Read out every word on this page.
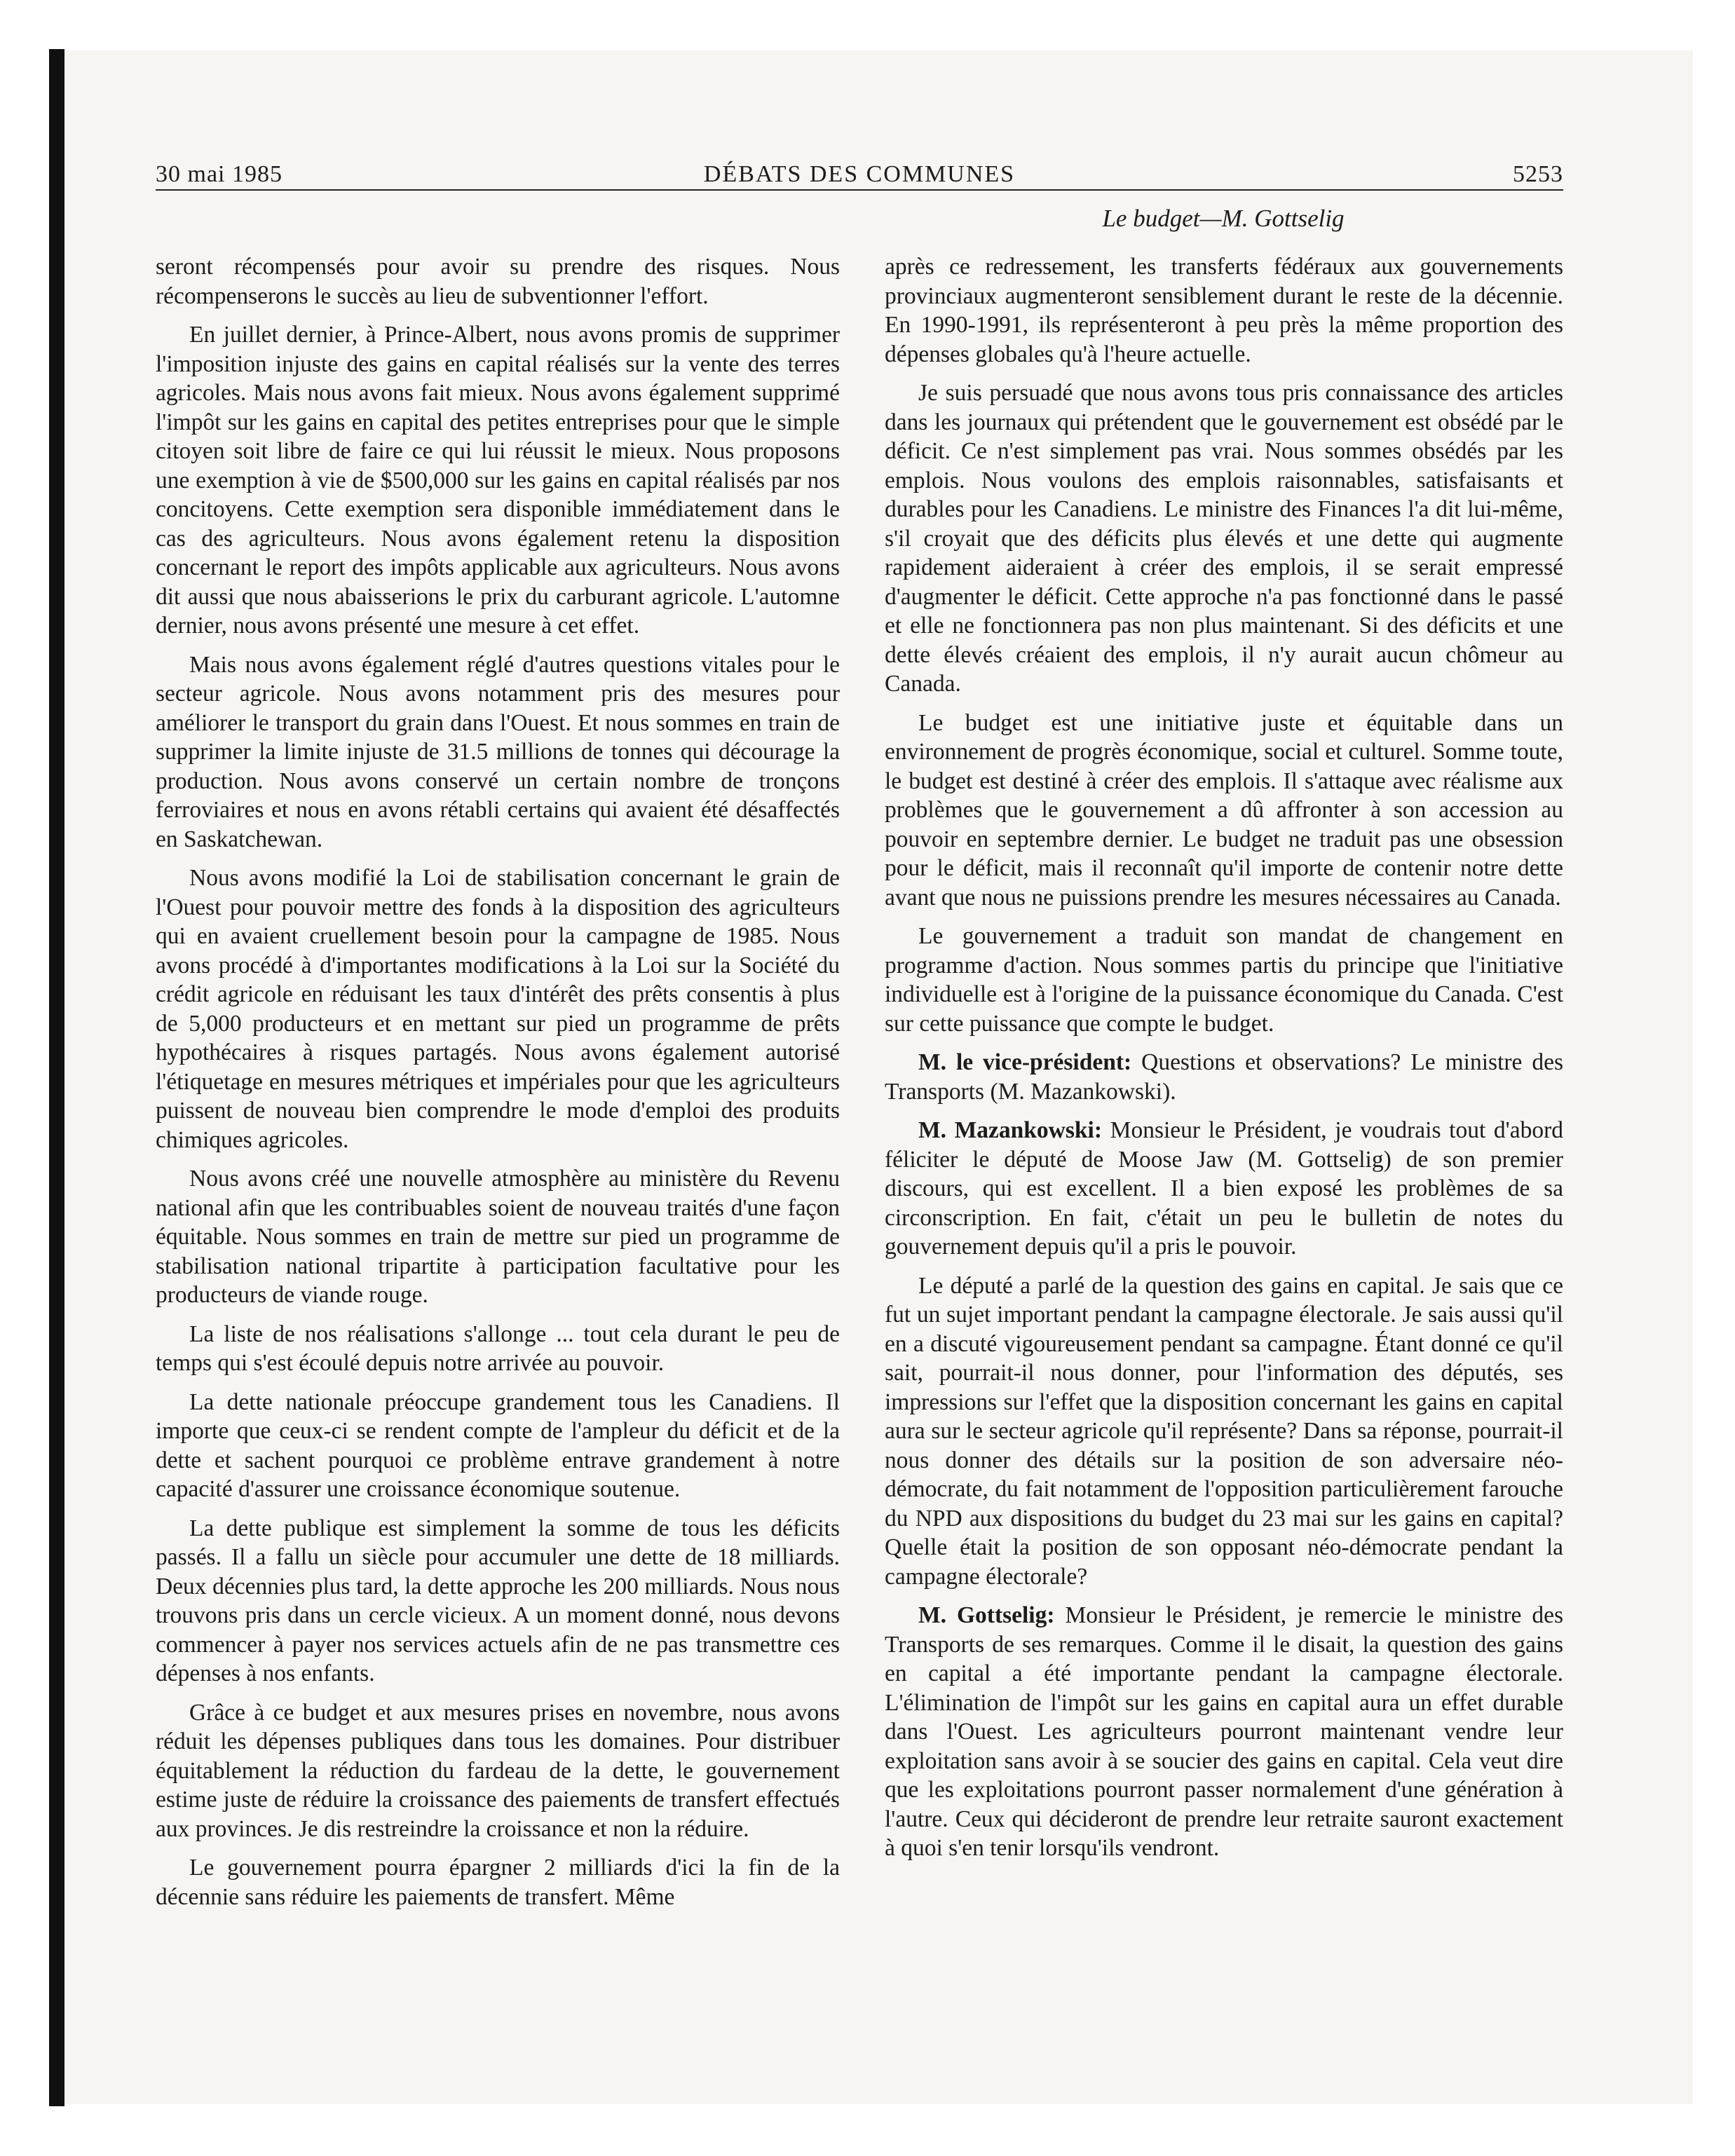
30 mai 1985	DÉBATS DES COMMUNES	5253
Le budget—M. Gottselig

seront récompensés pour avoir su prendre des risques. Nous récompenserons le succès au lieu de subventionner l'effort.

En juillet dernier, à Prince-Albert, nous avons promis de supprimer l'imposition injuste des gains en capital réalisés sur la vente des terres agricoles. Mais nous avons fait mieux. Nous avons également supprimé l'impôt sur les gains en capital des petites entreprises pour que le simple citoyen soit libre de faire ce qui lui réussit le mieux. Nous proposons une exemption à vie de $500,000 sur les gains en capital réalisés par nos concitoyens. Cette exemption sera disponible immédiatement dans le cas des agriculteurs. Nous avons également retenu la disposition concernant le report des impôts applicable aux agriculteurs. Nous avons dit aussi que nous abaisserions le prix du carburant agricole. L'automne dernier, nous avons présenté une mesure à cet effet.

Mais nous avons également réglé d'autres questions vitales pour le secteur agricole. Nous avons notamment pris des mesures pour améliorer le transport du grain dans l'Ouest. Et nous sommes en train de supprimer la limite injuste de 31.5 millions de tonnes qui décourage la production. Nous avons conservé un certain nombre de tronçons ferroviaires et nous en avons rétabli certains qui avaient été désaffectés en Saskatchewan.

Nous avons modifié la Loi de stabilisation concernant le grain de l'Ouest pour pouvoir mettre des fonds à la disposition des agriculteurs qui en avaient cruellement besoin pour la campagne de 1985. Nous avons procédé à d'importantes modifications à la Loi sur la Société du crédit agricole en réduisant les taux d'intérêt des prêts consentis à plus de 5,000 producteurs et en mettant sur pied un programme de prêts hypothécaires à risques partagés. Nous avons également autorisé l'étiquetage en mesures métriques et impériales pour que les agriculteurs puissent de nouveau bien comprendre le mode d'emploi des produits chimiques agricoles.

Nous avons créé une nouvelle atmosphère au ministère du Revenu national afin que les contribuables soient de nouveau traités d'une façon équitable. Nous sommes en train de mettre sur pied un programme de stabilisation national tripartite à participation facultative pour les producteurs de viande rouge.

La liste de nos réalisations s'allonge ... tout cela durant le peu de temps qui s'est écoulé depuis notre arrivée au pouvoir.

La dette nationale préoccupe grandement tous les Canadiens. Il importe que ceux-ci se rendent compte de l'ampleur du déficit et de la dette et sachent pourquoi ce problème entrave grandement à notre capacité d'assurer une croissance économique soutenue.

La dette publique est simplement la somme de tous les déficits passés. Il a fallu un siècle pour accumuler une dette de 18 milliards. Deux décennies plus tard, la dette approche les 200 milliards. Nous nous trouvons pris dans un cercle vicieux. A un moment donné, nous devons commencer à payer nos services actuels afin de ne pas transmettre ces dépenses à nos enfants.

Grâce à ce budget et aux mesures prises en novembre, nous avons réduit les dépenses publiques dans tous les domaines. Pour distribuer équitablement la réduction du fardeau de la dette, le gouvernement estime juste de réduire la croissance des paiements de transfert effectués aux provinces. Je dis restreindre la croissance et non la réduire.

Le gouvernement pourra épargner 2 milliards d'ici la fin de la décennie sans réduire les paiements de transfert. Même

après ce redressement, les transferts fédéraux aux gouvernements provinciaux augmenteront sensiblement durant le reste de la décennie. En 1990-1991, ils représenteront à peu près la même proportion des dépenses globales qu'à l'heure actuelle.

Je suis persuadé que nous avons tous pris connaissance des articles dans les journaux qui prétendent que le gouvernement est obsédé par le déficit. Ce n'est simplement pas vrai. Nous sommes obsédés par les emplois. Nous voulons des emplois raisonnables, satisfaisants et durables pour les Canadiens. Le ministre des Finances l'a dit lui-même, s'il croyait que des déficits plus élevés et une dette qui augmente rapidement aideraient à créer des emplois, il se serait empressé d'augmenter le déficit. Cette approche n'a pas fonctionné dans le passé et elle ne fonctionnera pas non plus maintenant. Si des déficits et une dette élevés créaient des emplois, il n'y aurait aucun chômeur au Canada.

Le budget est une initiative juste et équitable dans un environnement de progrès économique, social et culturel. Somme toute, le budget est destiné à créer des emplois. Il s'attaque avec réalisme aux problèmes que le gouvernement a dû affronter à son accession au pouvoir en septembre dernier. Le budget ne traduit pas une obsession pour le déficit, mais il reconnaît qu'il importe de contenir notre dette avant que nous ne puissions prendre les mesures nécessaires au Canada.

Le gouvernement a traduit son mandat de changement en programme d'action. Nous sommes partis du principe que l'initiative individuelle est à l'origine de la puissance économique du Canada. C'est sur cette puissance que compte le budget.

M. le vice-président: Questions et observations? Le ministre des Transports (M. Mazankowski).

M. Mazankowski: Monsieur le Président, je voudrais tout d'abord féliciter le député de Moose Jaw (M. Gottselig) de son premier discours, qui est excellent. Il a bien exposé les problèmes de sa circonscription. En fait, c'était un peu le bulletin de notes du gouvernement depuis qu'il a pris le pouvoir.

Le député a parlé de la question des gains en capital. Je sais que ce fut un sujet important pendant la campagne électorale. Je sais aussi qu'il en a discuté vigoureusement pendant sa campagne. Étant donné ce qu'il sait, pourrait-il nous donner, pour l'information des députés, ses impressions sur l'effet que la disposition concernant les gains en capital aura sur le secteur agricole qu'il représente? Dans sa réponse, pourrait-il nous donner des détails sur la position de son adversaire néo-démocrate, du fait notamment de l'opposition particulièrement farouche du NPD aux dispositions du budget du 23 mai sur les gains en capital? Quelle était la position de son opposant néo-démocrate pendant la campagne électorale?

M. Gottselig: Monsieur le Président, je remercie le ministre des Transports de ses remarques. Comme il le disait, la question des gains en capital a été importante pendant la campagne électorale. L'élimination de l'impôt sur les gains en capital aura un effet durable dans l'Ouest. Les agriculteurs pourront maintenant vendre leur exploitation sans avoir à se soucier des gains en capital. Cela veut dire que les exploitations pourront passer normalement d'une génération à l'autre. Ceux qui décideront de prendre leur retraite sauront exactement à quoi s'en tenir lorsqu'ils vendront.
